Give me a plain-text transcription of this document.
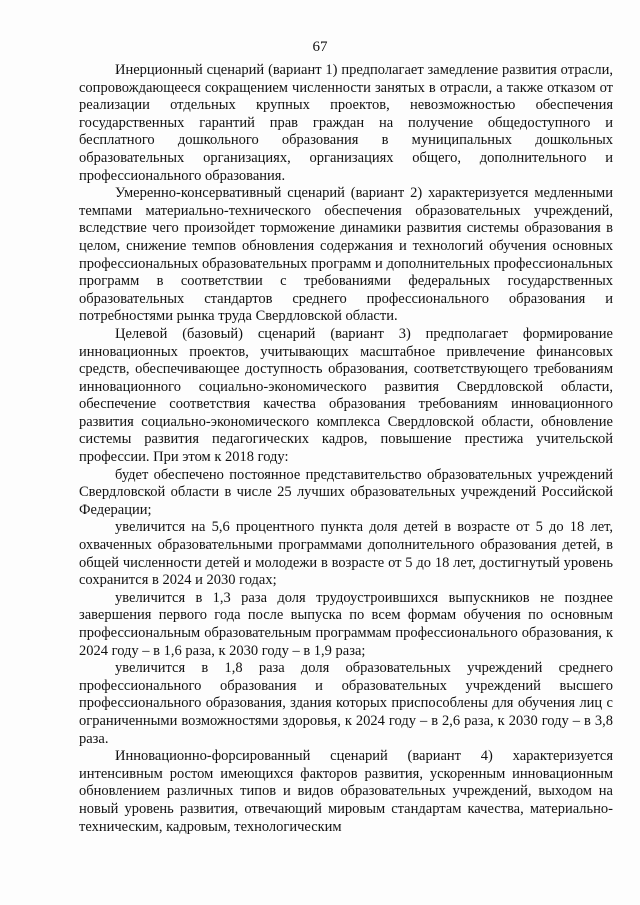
67

Инерционный сценарий (вариант 1) предполагает замедление развития отрасли, сопровождающееся сокращением численности занятых в отрасли, а также отказом от реализации отдельных крупных проектов, невозможностью обеспечения государственных гарантий прав граждан на получение общедоступного и бесплатного дошкольного образования в муниципальных дошкольных образовательных организациях, организациях общего, дополнительного и профессионального образования.

Умеренно-консервативный сценарий (вариант 2) характеризуется медленными темпами материально-технического обеспечения образовательных учреждений, вследствие чего произойдет торможение динамики развития системы образования в целом, снижение темпов обновления содержания и технологий обучения основных профессиональных образовательных программ и дополнительных профессиональных программ в соответствии с требованиями федеральных государственных образовательных стандартов среднего профессионального образования и потребностями рынка труда Свердловской области.

Целевой (базовый) сценарий (вариант 3) предполагает формирование инновационных проектов, учитывающих масштабное привлечение финансовых средств, обеспечивающее доступность образования, соответствующего требованиям инновационного социально-экономического развития Свердловской области, обеспечение соответствия качества образования требованиям инновационного развития социально-экономического комплекса Свердловской области, обновление системы развития педагогических кадров, повышение престижа учительской профессии. При этом к 2018 году:

будет обеспечено постоянное представительство образовательных учреждений Свердловской области в числе 25 лучших образовательных учреждений Российской Федерации;

увеличится на 5,6 процентного пункта доля детей в возрасте от 5 до 18 лет, охваченных образовательными программами дополнительного образования детей, в общей численности детей и молодежи в возрасте от 5 до 18 лет, достигнутый уровень сохранится в 2024 и 2030 годах;

увеличится в 1,3 раза доля трудоустроившихся выпускников не позднее завершения первого года после выпуска по всем формам обучения по основным профессиональным образовательным программам профессионального образования, к 2024 году – в 1,6 раза, к 2030 году – в 1,9 раза;

увеличится в 1,8 раза доля образовательных учреждений среднего профессионального образования и образовательных учреждений высшего профессионального образования, здания которых приспособлены для обучения лиц с ограниченными возможностями здоровья, к 2024 году – в 2,6 раза, к 2030 году – в 3,8 раза.

Инновационно-форсированный сценарий (вариант 4) характеризуется интенсивным ростом имеющихся факторов развития, ускоренным инновационным обновлением различных типов и видов образовательных учреждений, выходом на новый уровень развития, отвечающий мировым стандартам качества, материально-техническим, кадровым, технологическим
